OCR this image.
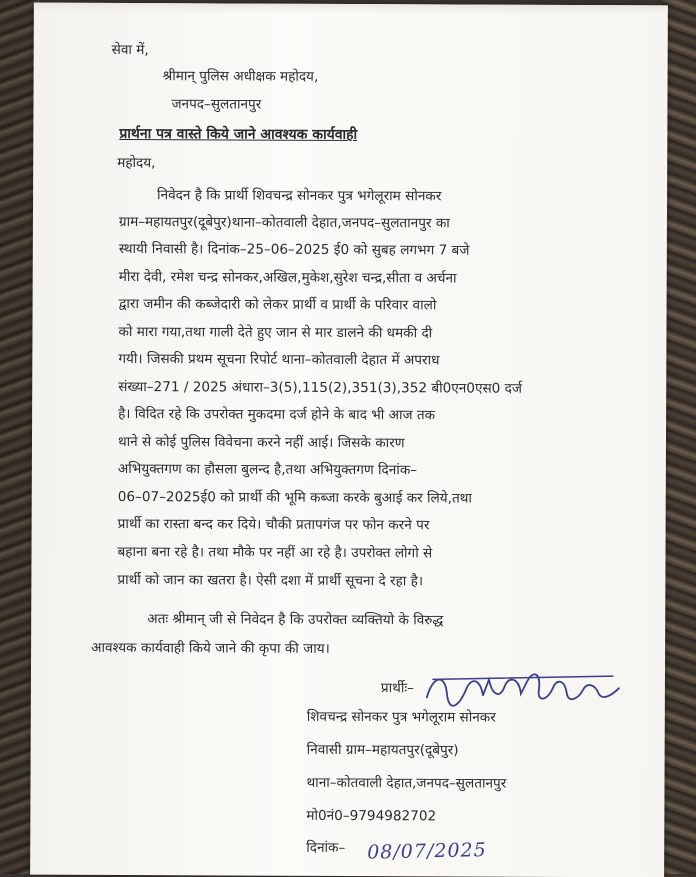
सेवा में,
श्रीमान् पुलिस अधीक्षक महोदय,
जनपद–सुलतानपुर
प्रार्थना पत्र वास्ते किये जाने आवश्यक कार्यवाही
महोदय,
निवेदन है कि प्रार्थी शिवचन्द्र सोनकर पुत्र भगेलूराम सोनकर
ग्राम–महायतपुर(दूबेपुर)थाना–कोतवाली देहात,जनपद–सुलतानपुर का
स्थायी निवासी है। दिनांक–25–06–2025 ई0 को सुबह लगभग 7 बजे
मीरा देवी, रमेश चन्द्र सोनकर,अखिल,मुकेश,सुरेश चन्द्र,सीता व अर्चना
द्वारा जमीन की कब्जेदारी को लेकर प्रार्थी व प्रार्थी के परिवार वालो
को मारा गया,तथा गाली देते हुए जान से मार डालने की धमकी दी
गयी। जिसकी प्रथम सूचना रिपोर्ट थाना–कोतवाली देहात में अपराध
संख्या–271 / 2025 अंधारा–3(5),115(2),351(3),352 बी0एन0एस0 दर्ज
है। विदित रहे कि उपरोक्त मुकदमा दर्ज होने के बाद भी आज तक
थाने से कोई पुलिस विवेचना करने नहीं आई। जिसके कारण
अभियुक्तगण का हौसला बुलन्द है,तथा अभियुक्तगण दिनांक–
06–07–2025ई0 को प्रार्थी की भूमि कब्जा करके बुआई कर लिये,तथा
प्रार्थी का रास्ता बन्द कर दिये। चौकी प्रतापगंज पर फोन करने पर
बहाना बना रहे है। तथा मौके पर नहीं आ रहे है। उपरोक्त लोगो से
प्रार्थी को जान का खतरा है। ऐसी दशा में प्रार्थी सूचना दे रहा है।
अतः श्रीमान् जी से निवेदन है कि उपरोक्त व्यक्तियो के विरुद्ध
आवश्यक कार्यवाही किये जाने की कृपा की जाय।
प्रार्थीः–
शिवचन्द्र सोनकर पुत्र भगेलूराम सोनकर
निवासी ग्राम–महायतपुर(दूबेपुर)
थाना–कोतवाली देहात,जनपद–सुलतानपुर
मो0नं0–9794982702
दिनांक– 08/07/2025
